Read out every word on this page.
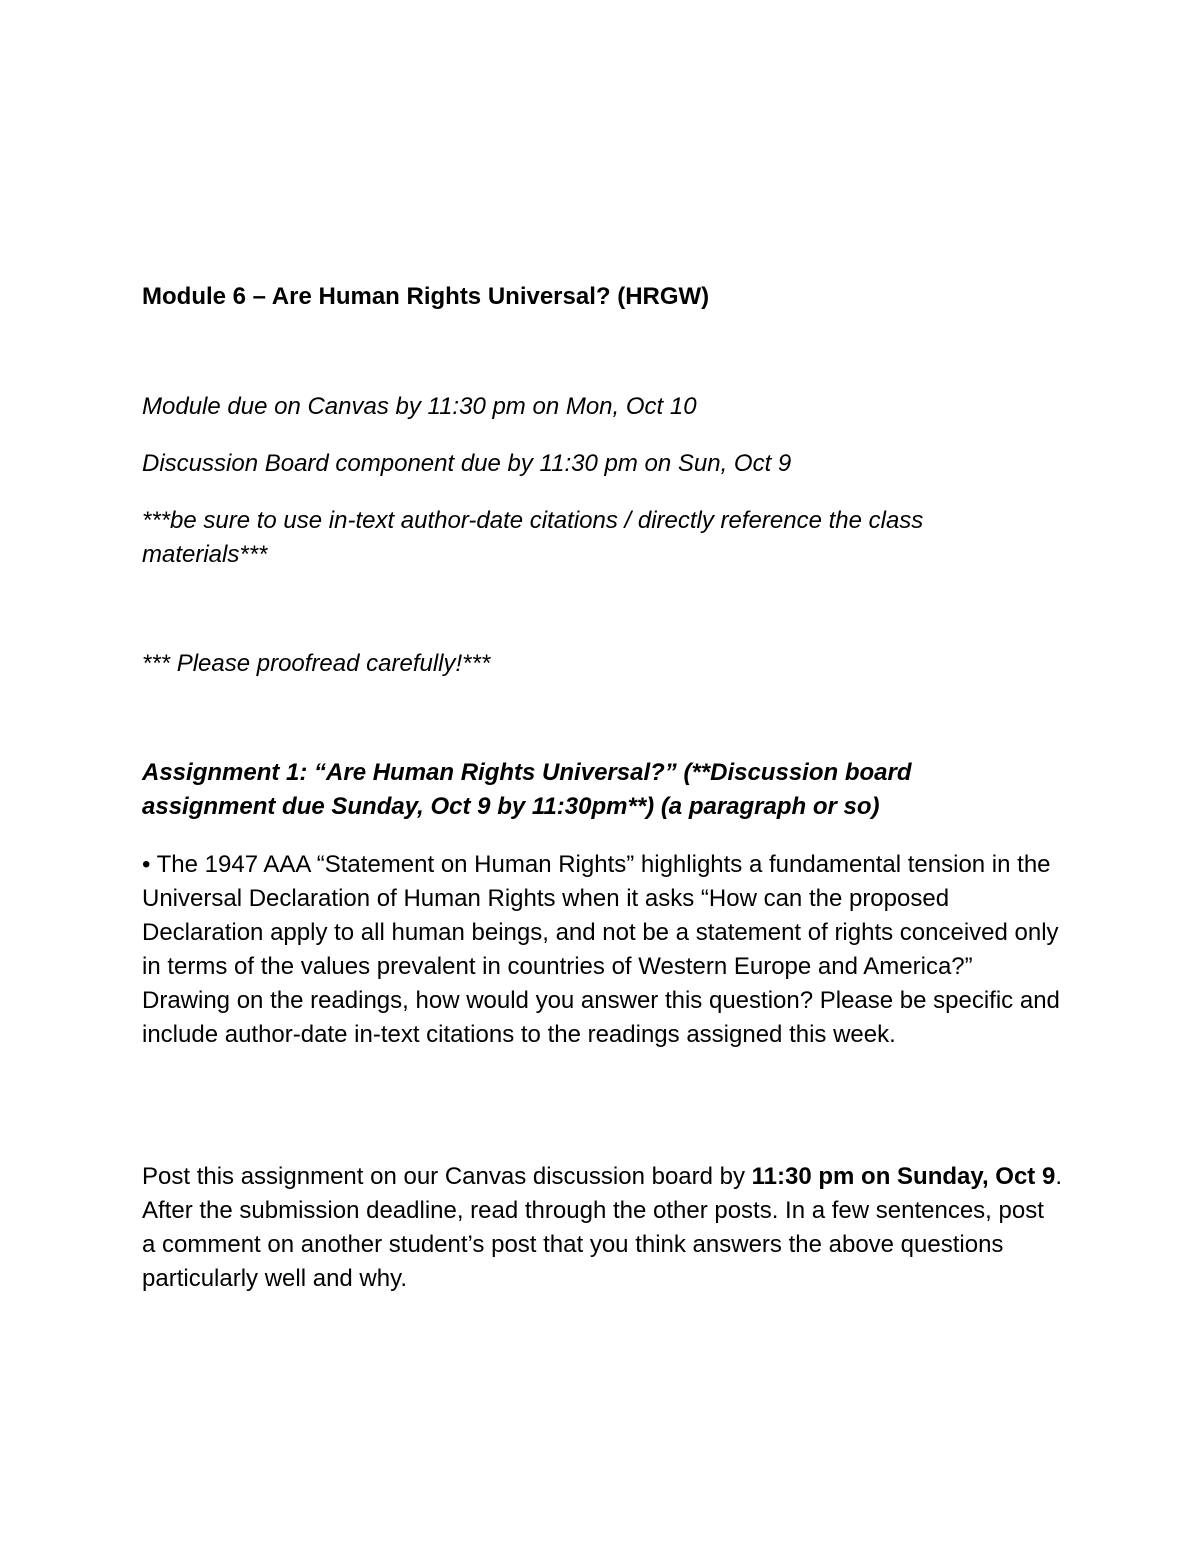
Module 6 – Are Human Rights Universal? (HRGW)
Module due on Canvas by 11:30 pm on Mon, Oct 10
Discussion Board component due by 11:30 pm on Sun, Oct 9
***be sure to use in-text author-date citations / directly reference the class materials***
*** Please proofread carefully!***
Assignment 1: “Are Human Rights Universal?” (**Discussion board assignment due Sunday, Oct 9 by 11:30pm**) (a paragraph or so)
• The 1947 AAA “Statement on Human Rights” highlights a fundamental tension in the Universal Declaration of Human Rights when it asks “How can the proposed Declaration apply to all human beings, and not be a statement of rights conceived only in terms of the values prevalent in countries of Western Europe and America?” Drawing on the readings, how would you answer this question? Please be specific and include author-date in-text citations to the readings assigned this week.
Post this assignment on our Canvas discussion board by 11:30 pm on Sunday, Oct 9. After the submission deadline, read through the other posts. In a few sentences, post a comment on another student’s post that you think answers the above questions particularly well and why.
